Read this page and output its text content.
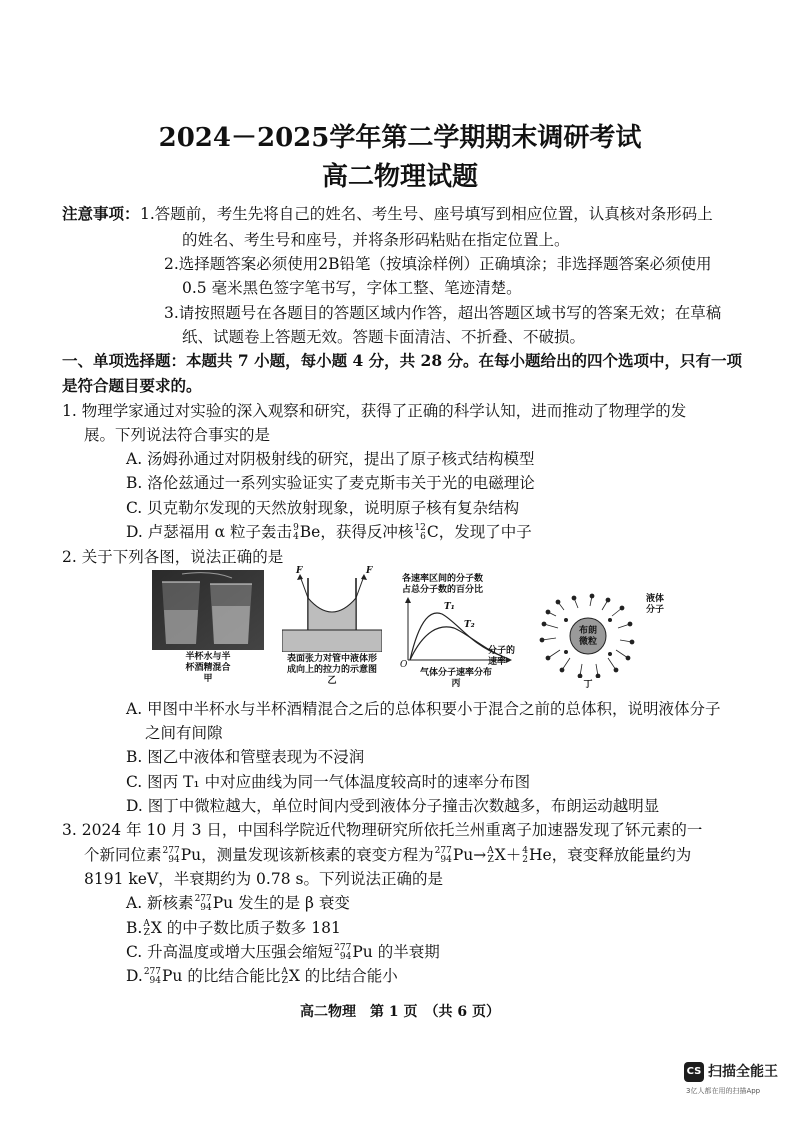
2024－2025学年第二学期期末调研考试
高二物理试题
注意事项： 1.答题前，考生先将自己的姓名、考生号、座号填写到相应位置，认真核对条形码上
的姓名、考生号和座号，并将条形码粘贴在指定位置上。
2.选择题答案必须使用2B铅笔（按填涂样例）正确填涂；非选择题答案必须使用
0.5 毫米黑色签字笔书写，字体工整、笔迹清楚。
3.请按照题号在各题目的答题区域内作答，超出答题区域书写的答案无效；在草稿
纸、试题卷上答题无效。答题卡面清洁、不折叠、不破损。
一、单项选择题：本题共 7 小题，每小题 4 分，共 28 分。在每小题给出的四个选项中，只有一项
是符合题目要求的。
1. 物理学家通过对实验的深入观察和研究，获得了正确的科学认知，进而推动了物理学的发
展。下列说法符合事实的是
A. 汤姆孙通过对阴极射线的研究，提出了原子核式结构模型
B. 洛伦兹通过一系列实验证实了麦克斯韦关于光的电磁理论
C. 贝克勒尔发现的天然放射现象，说明原子核有复杂结构
D. 卢瑟福用 α 粒子轰击 9
4 Be，获得反冲核 12
6 C，发现了中子
2. 关于下列各图，说法正确的是
半杯水与半
杯酒精混合
甲
F	F
表面张力对管中液体形
成向上的拉力的示意图
乙
各速率区间的分子数
占总分子数的百分比
T₁
T₂
分子的
速率
O
气体分子速率分布
丙
布朗
微粒
液体
分子
丁
A. 甲图中半杯水与半杯酒精混合之后的总体积要小于混合之前的总体积，说明液体分子
之间有间隙
B. 图乙中液体和管壁表现为不浸润
C. 图丙 T₁ 中对应曲线为同一气体温度较高时的速率分布图
D. 图丁中微粒越大，单位时间内受到液体分子撞击次数越多，布朗运动越明显
3. 2024 年 10 月 3 日，中国科学院近代物理研究所依托兰州重离子加速器发现了钚元素的一
个新同位素 277
94 Pu，测量发现该新核素的衰变方程为 277
94 Pu→ A
Z X＋ 4
2 He，衰变释放能量约为
8191 keV，半衰期约为 0.78 s。下列说法正确的是
A. 新核素 277
94 Pu 发生的是 β 衰变
B. A
Z X 的中子数比质子数多 181
C. 升高温度或增大压强会缩短 277
94 Pu 的半衰期
D. 277
94 Pu 的比结合能比 A
Z X 的比结合能小
高二物理　第 1 页　（共 6 页）
CS 扫描全能王
3亿人都在用的扫描App
